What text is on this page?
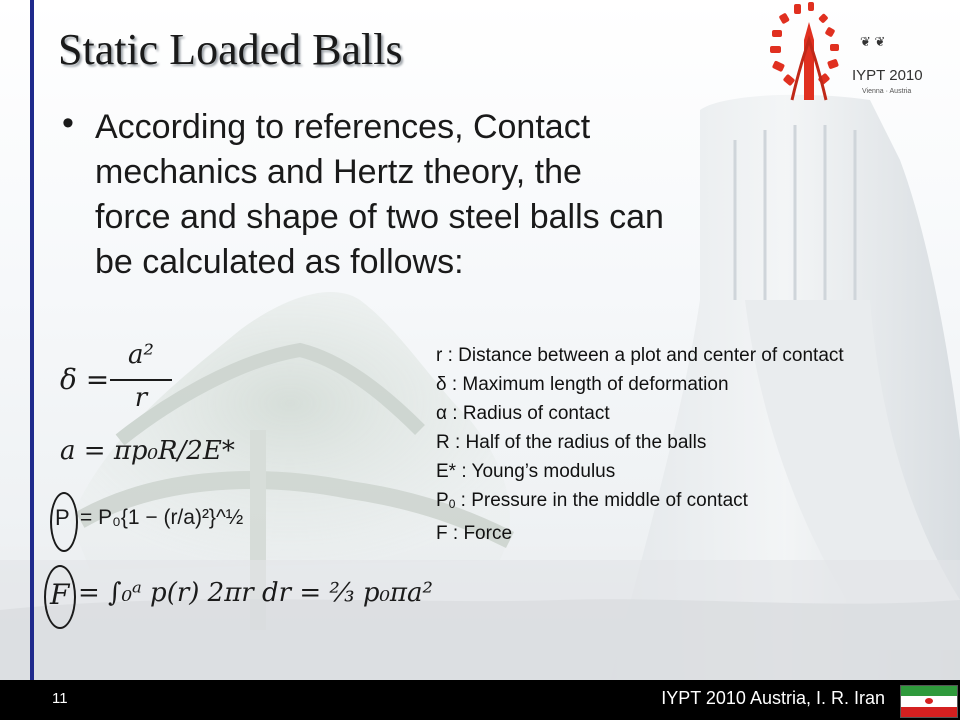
Static Loaded Balls
• According to references, Contact mechanics and Hertz theory, the force and shape of two steel balls can be calculated as follows:

δ =
a²
r
a = πp₀R/2E*
P = P₀{1 − (r/a)²}^½
F = ∫₀ᵃ p(r) 2πr dr = ⅔ p₀πa²
r : Distance between a plot and center of contact
δ : Maximum length of deformation
α : Radius of contact
R : Half of the radius of the balls
E* : Young’s modulus
P0 : Pressure in the middle of contact
F : Force
❦ ❦
IYPT 2010
Vienna · Austria
11	IYPT 2010 Austria, I. R. Iran
